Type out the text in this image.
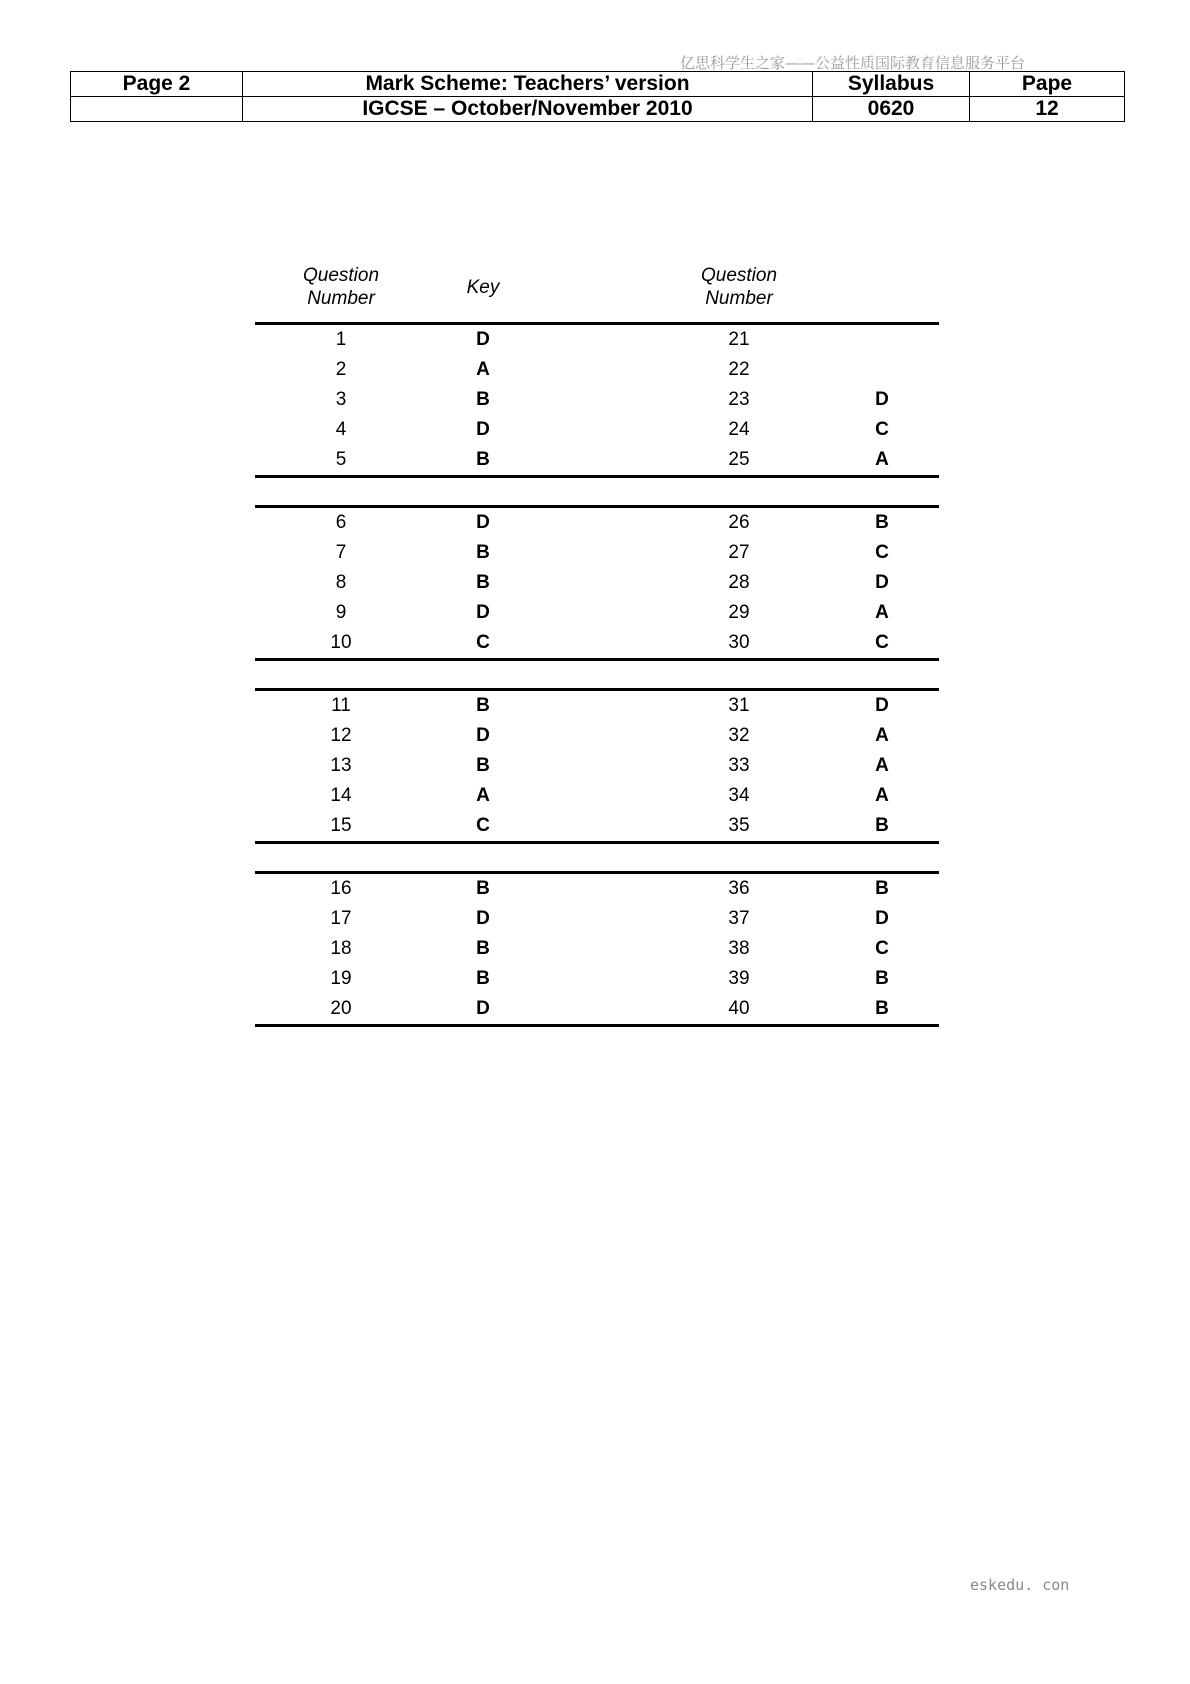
亿思科学生之家——公益性质国际教育信息服务平台
Page 2	Mark Scheme: Teachers’ version	Syllabus	Pape
	IGCSE – October/November 2010	0620	12
Question
Number
Key
Question
Number
1	D	21
2	A	22
3	B	23	D
4	D	24	C
5	B	25	A
6	D	26	B
7	B	27	C
8	B	28	D
9	D	29	A
10	C	30	C
11	B	31	D
12	D	32	A
13	B	33	A
14	A	34	A
15	C	35	B
16	B	36	B
17	D	37	D
18	B	38	C
19	B	39	B
20	D	40	B
eskedu. con
